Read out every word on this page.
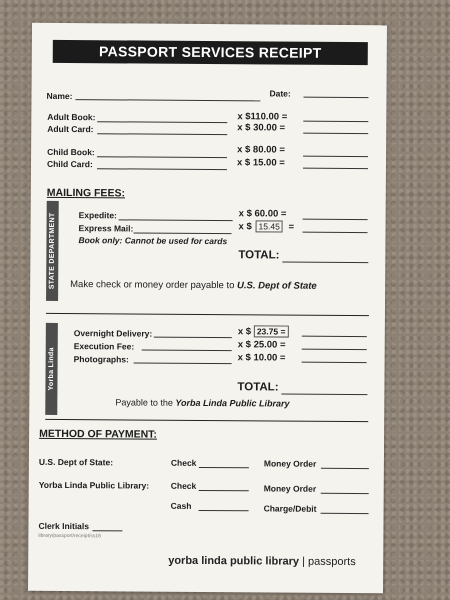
PASSPORT SERVICES RECEIPT
Name:	Date:
Adult Book:	x $110.00 =
Adult Card:	x $ 30.00 =
Child Book:	x $ 80.00 =
Child Card:	x $ 15.00 =
MAILING FEES:
STATE DEPARTMENT	Expedite:	x $ 60.00 =
Express Mail:	x $ 15.45 =
Book only: Cannot be used for cards
TOTAL:
Make check or money order payable to U.S. Dept of State
Yorba Linda
Overnight Delivery:	x $ 23.75 =
Execution Fee:	x $ 25.00 =
Photographs:	x $ 10.00 =
TOTAL:
Payable to the Yorba Linda Public Library
METHOD OF PAYMENT:
U.S. Dept of State:	Check	Money Order
Yorba Linda Public Library:	Check	Money Order
Cash	Charge/Debit
Clerk Initials
library/passport/receipt/ss16
yorba linda public library | passports
